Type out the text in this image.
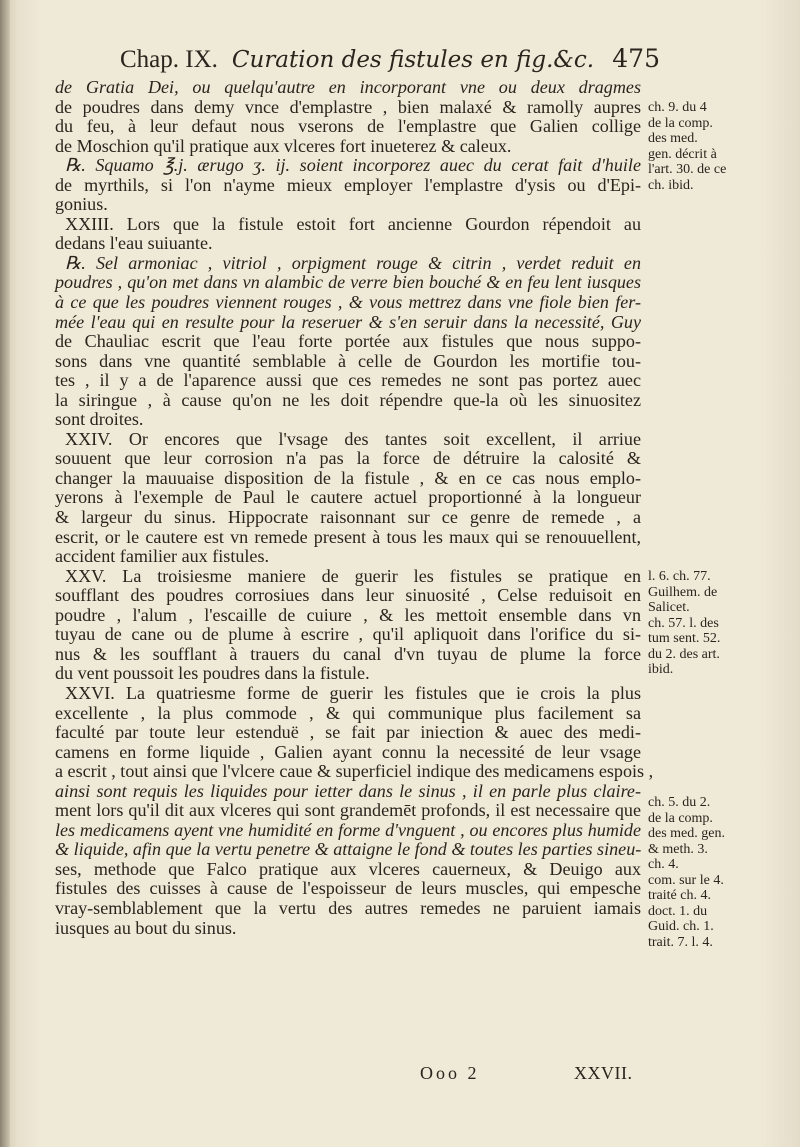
Chap. IX. Curation des fistules en fig.&c. 475
de Gratia Dei, ou quelqu'autre en incorporant vne ou deux dragmes
de poudres dans demy vnce d'emplastre , bien malaxé & ramolly aupres
du feu, à leur defaut nous vserons de l'emplastre que Galien collige
de Moschion qu'il pratique aux vlceres fort inueterez & caleux.
℞. Squamo ℥.j. ærugo ʒ. ij. soient incorporez auec du cerat fait d'huile
de myrthils, si l'on n'ayme mieux employer l'emplastre d'ysis ou d'Epi-
gonius.
XXIII. Lors que la fistule estoit fort ancienne Gourdon répendoit au
dedans l'eau suiuante.
℞. Sel armoniac , vitriol , orpigment rouge & citrin , verdet reduit en
poudres , qu'on met dans vn alambic de verre bien bouché & en feu lent iusques
à ce que les poudres viennent rouges , & vous mettrez dans vne fiole bien fer-
mée l'eau qui en resulte pour la reseruer & s'en seruir dans la necessité, Guy
de Chauliac escrit que l'eau forte portée aux fistules que nous suppo-
sons dans vne quantité semblable à celle de Gourdon les mortifie tou-
tes , il y a de l'aparence aussi que ces remedes ne sont pas portez auec
la siringue , à cause qu'on ne les doit répendre que-la où les sinuositez
sont droites.
XXIV. Or encores que l'vsage des tantes soit excellent, il arriue
souuent que leur corrosion n'a pas la force de détruire la calosité &
changer la mauuaise disposition de la fistule , & en ce cas nous emplo-
yerons à l'exemple de Paul le cautere actuel proportionné à la longueur
& largeur du sinus. Hippocrate raisonnant sur ce genre de remede , a
escrit, or le cautere est vn remede present à tous les maux qui se renouuellent,
accident familier aux fistules.
XXV. La troisiesme maniere de guerir les fistules se pratique en
soufflant des poudres corrosiues dans leur sinuosité , Celse reduisoit en
poudre , l'alum , l'escaille de cuiure , & les mettoit ensemble dans vn
tuyau de cane ou de plume à escrire , qu'il apliquoit dans l'orifice du si-
nus & les soufflant à trauers du canal d'vn tuyau de plume la force
du vent poussoit les poudres dans la fistule.
XXVI. La quatriesme forme de guerir les fistules que ie crois la plus
excellente , la plus commode , & qui communique plus facilement sa
faculté par toute leur estenduë , se fait par iniection & auec des medi-
camens en forme liquide , Galien ayant connu la necessité de leur vsage
a escrit , tout ainsi que l'vlcere caue & superficiel indique des medicamens espois ,
ainsi sont requis les liquides pour ietter dans le sinus , il en parle plus claire-
ment lors qu'il dit aux vlceres qui sont grandemēt profonds, il est necessaire que
les medicamens ayent vne humidité en forme d'vnguent , ou encores plus humide
& liquide, afin que la vertu penetre & attaigne le fond & toutes les parties sineu-
ses, methode que Falco pratique aux vlceres cauerneux, & Deuigo aux
fistules des cuisses à cause de l'espoisseur de leurs muscles, qui empesche
vray-semblablement que la vertu des autres remedes ne paruient iamais
iusques au bout du sinus.
ch. 9. du 4
de la comp.
des med.
gen. décrit à
l'art. 30. de ce
ch. ibid.
l. 6. ch. 77.
Guilhem. de
Salicet.
ch. 57. l. des
tum sent. 52.
du 2. des art.
ibid.
ch. 5. du 2.
de la comp.
des med. gen.
& meth. 3.
ch. 4.
com. sur le 4.
traité ch. 4.
doct. 1. du
Guid. ch. 1.
trait. 7. l. 4.
Ooo 2	XXVII.
